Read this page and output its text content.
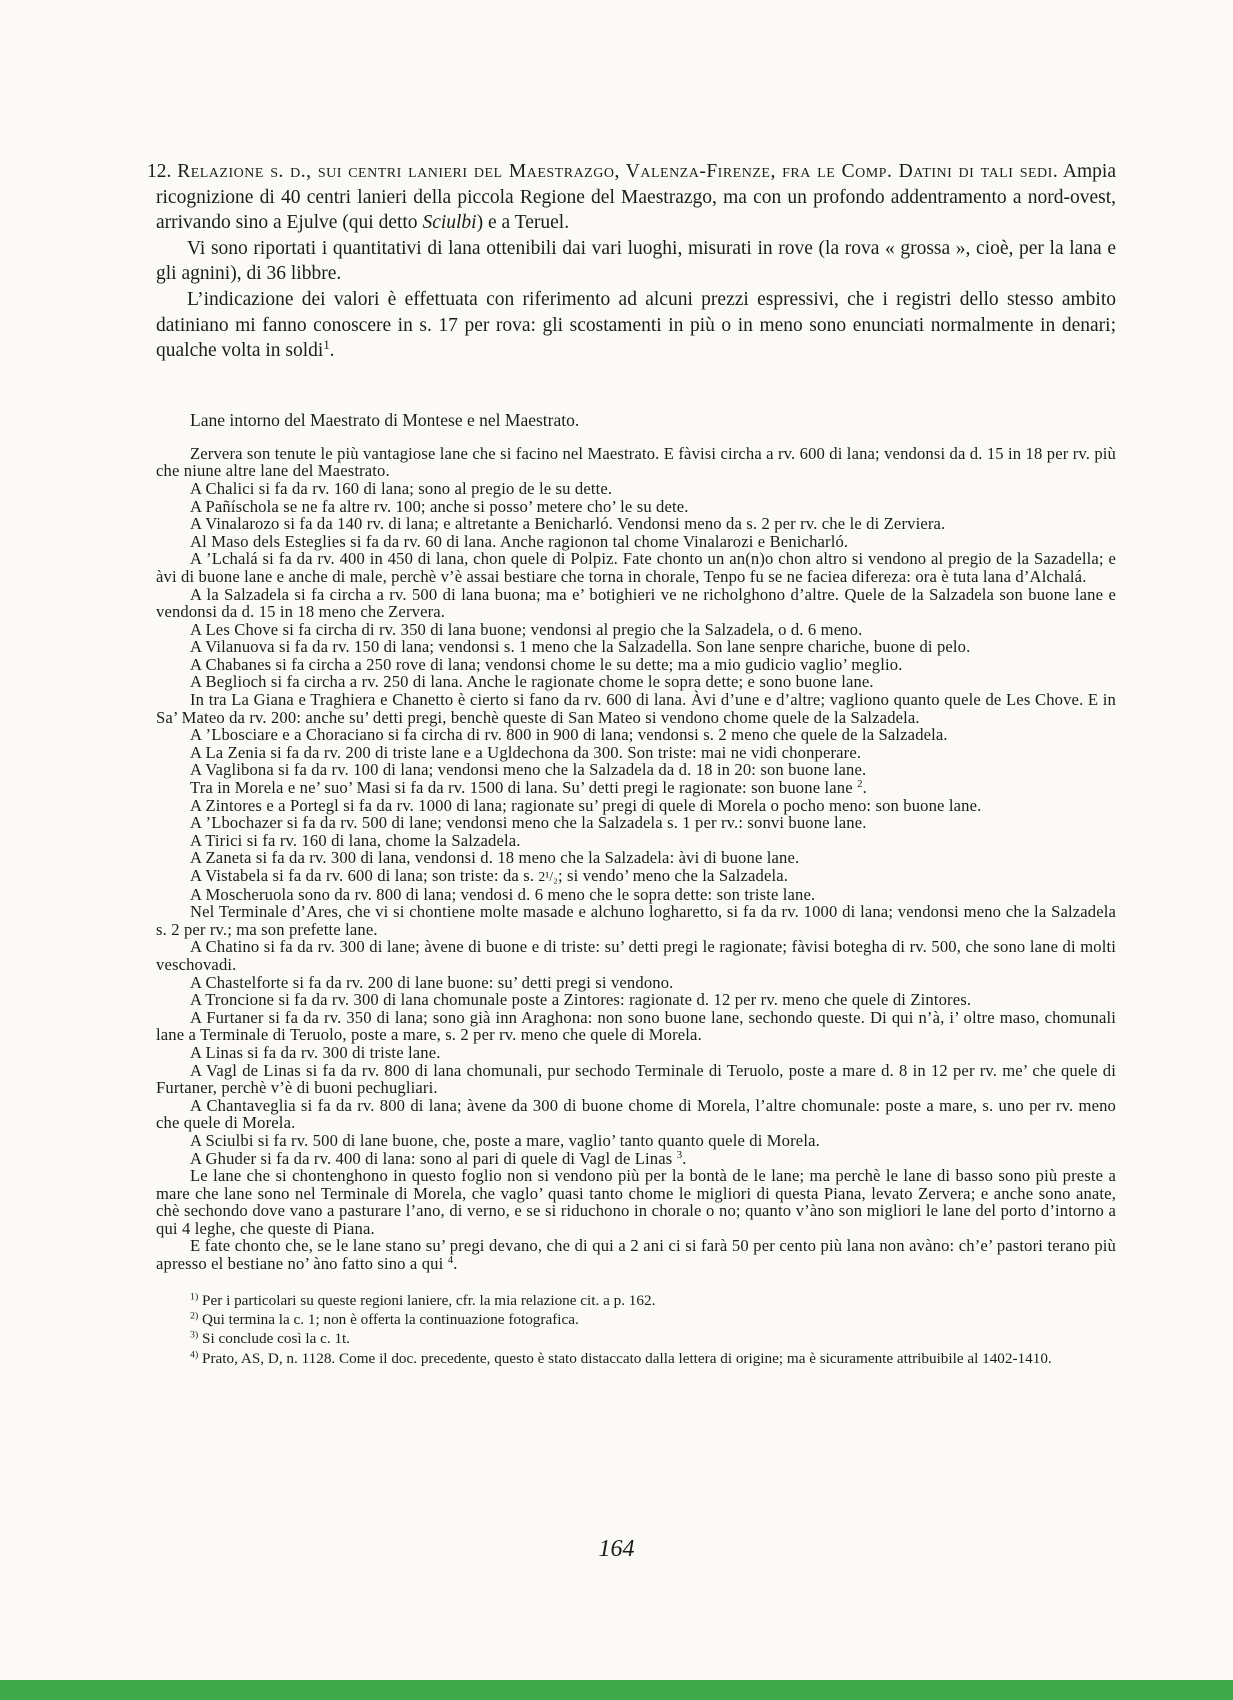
12. Relazione s. d., sui centri lanieri del Maestrazgo, Valenza-Firenze, fra le Comp. Datini di tali sedi. Ampia ricognizione di 40 centri lanieri della piccola Regione del Maestrazgo, ma con un profondo addentramento a nord-ovest, arrivando sino a Ejulve (qui detto Sciulbi) e a Teruel.

Vi sono riportati i quantitativi di lana ottenibili dai vari luoghi, misurati in rove (la rova « grossa », cioè, per la lana e gli agnini), di 36 libbre.

L’indicazione dei valori è effettuata con riferimento ad alcuni prezzi espressivi, che i registri dello stesso ambito datiniano mi fanno conoscere in s. 17 per rova: gli scostamenti in più o in meno sono enunciati normalmente in denari; qualche volta in soldi$^1$.

Lane intorno del Maestrato di Montese e nel Maestrato.

Zervera son tenute le più vantagiose lane che si facino nel Maestrato. E fàvisi circha a rv. 600 di lana; vendonsi da d. 15 in 18 per rv. più che niune altre lane del Maestrato.

A Chalici si fa da rv. 160 di lana; sono al pregio de le su dette.

A Pañíschola se ne fa altre rv. 100; anche si posso’ metere cho’ le su dete.

A Vinalarozo si fa da 140 rv. di lana; e altretante a Benicharló. Vendonsi meno da s. 2 per rv. che le di Zerviera.

Al Maso dels Esteglies si fa da rv. 60 di lana. Anche ragionon tal chome Vinalarozi e Benicharló.

A ’Lchalá si fa da rv. 400 in 450 di lana, chon quele di Polpiz. Fate chonto un an(n)o chon altro si vendono al pregio de la Sazadella; e àvi di buone lane e anche di male, perchè v’è assai bestiare che torna in chorale, Tenpo fu se ne faciea difereza: ora è tuta lana d’Alchalá.

A la Salzadela si fa circha a rv. 500 di lana buona; ma e’ botighieri ve ne richolghono d’altre. Quele de la Salzadela son buone lane e vendonsi da d. 15 in 18 meno che Zervera.

A Les Chove si fa circha di rv. 350 di lana buone; vendonsi al pregio che la Salzadela, o d. 6 meno.

A Vilanuova si fa da rv. 150 di lana; vendonsi s. 1 meno che la Salzadella. Son lane senpre chariche, buone di pelo.

A Chabanes si fa circha a 250 rove di lana; vendonsi chome le su dette; ma a mio gudicio vaglio’ meglio.

A Beglioch si fa circha a rv. 250 di lana. Anche le ragionate chome le sopra dette; e sono buone lane.

In tra La Giana e Traghiera e Chanetto è cierto si fano da rv. 600 di lana. Àvi d’une e d’altre; vagliono quanto quele de Les Chove. E in Sa’ Mateo da rv. 200: anche su’ detti pregi, benchè queste di San Mateo si vendono chome quele de la Salzadela.

A ’Lbosciare e a Choraciano si fa circha di rv. 800 in 900 di lana; vendonsi s. 2 meno che quele de la Salzadela.

A La Zenia si fa da rv. 200 di triste lane e a Ugldechona da 300. Son triste: mai ne vidi chonperare.

A Vaglibona si fa da rv. 100 di lana; vendonsi meno che la Salzadela da d. 18 in 20: son buone lane.

Tra in Morela e ne’ suo’ Masi si fa da rv. 1500 di lana. Su’ detti pregi le ragionate: son buone lane $^2$.

A Zintores e a Portegl si fa da rv. 1000 di lana; ragionate su’ pregi di quele di Morela o pocho meno: son buone lane.

A ’Lbochazer si fa da rv. 500 di lane; vendonsi meno che la Salzadela s. 1 per rv.: sonvi buone lane.

A Tirici si fa rv. 160 di lana, chome la Salzadela.

A Zaneta si fa da rv. 300 di lana, vendonsi d. 18 meno che la Salzadela: àvi di buone lane.

A Vistabela si fa da rv. 600 di lana; son triste: da s. 2¹/₂; si vendo’ meno che la Salzadela.

A Moscheruola sono da rv. 800 di lana; vendosi d. 6 meno che le sopra dette: son triste lane.

Nel Terminale d’Ares, che vi si chontiene molte masade e alchuno logharetto, si fa da rv. 1000 di lana; vendonsi meno che la Salzadela s. 2 per rv.; ma son prefette lane.

A Chatino si fa da rv. 300 di lane; àvene di buone e di triste: su’ detti pregi le ragionate; fàvisi botegha di rv. 500, che sono lane di molti veschovadi.

A Chastelforte si fa da rv. 200 di lane buone: su’ detti pregi si vendono.

A Troncione si fa da rv. 300 di lana chomunale poste a Zintores: ragionate d. 12 per rv. meno che quele di Zintores.

A Furtaner si fa da rv. 350 di lana; sono già inn Araghona: non sono buone lane, sechondo queste. Di qui n’à, i’ oltre maso, chomunali lane a Terminale di Teruolo, poste a mare, s. 2 per rv. meno che quele di Morela.

A Linas si fa da rv. 300 di triste lane.

A Vagl de Linas si fa da rv. 800 di lana chomunali, pur sechodo Terminale di Teruolo, poste a mare d. 8 in 12 per rv. me’ che quele di Furtaner, perchè v’è di buoni pechugliari.

A Chantaveglia si fa da rv. 800 di lana; àvene da 300 di buone chome di Morela, l’altre chomunale: poste a mare, s. uno per rv. meno che quele di Morela.

A Sciulbi si fa rv. 500 di lane buone, che, poste a mare, vaglio’ tanto quanto quele di Morela.

A Ghuder si fa da rv. 400 di lana: sono al pari di quele di Vagl de Linas $^3$.

Le lane che si chontenghono in questo foglio non si vendono più per la bontà de le lane; ma perchè le lane di basso sono più preste a mare che lane sono nel Terminale di Morela, che vaglo’ quasi tanto chome le migliori di questa Piana, levato Zervera; e anche sono anate, chè sechondo dove vano a pasturare l’ano, di verno, e se si riduchono in chorale o no; quanto v’àno son migliori le lane del porto d’intorno a qui 4 leghe, che queste di Piana.

E fate chonto che, se le lane stano su’ pregi devano, che di qui a 2 ani ci si farà 50 per cento più lana non avàno: ch’e’ pastori terano più apresso el bestiane no’ àno fatto sino a qui $^4$.

$^{1)}$ Per i particolari su queste regioni laniere, cfr. la mia relazione cit. a p. 162.

$^{2)}$ Qui termina la c. 1; non è offerta la continuazione fotografica.

$^{3)}$ Si conclude così la c. 1t.

$^{4)}$ Prato, AS, D, n. 1128. Come il doc. precedente, questo è stato distaccato dalla lettera di origine; ma è sicuramente attribuibile al 1402-1410.

164
